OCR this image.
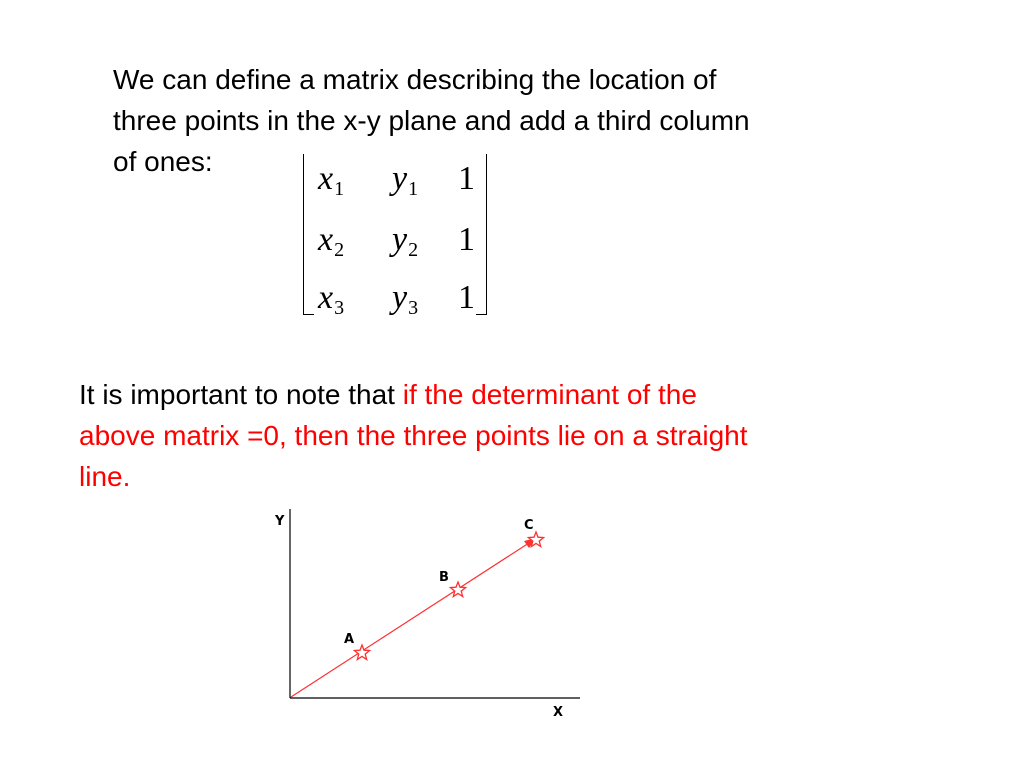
We can define a matrix describing the location of
three points in the x-y plane and add a third column
of ones:	$x_1$ $y_1$ 1
$x_2$ $y_2$ 1
$x_3$ $y_3$ 1
It is important to note that if the determinant of the
above matrix =0, then the three points lie on a straight
line.
Y
X
A
B
C
